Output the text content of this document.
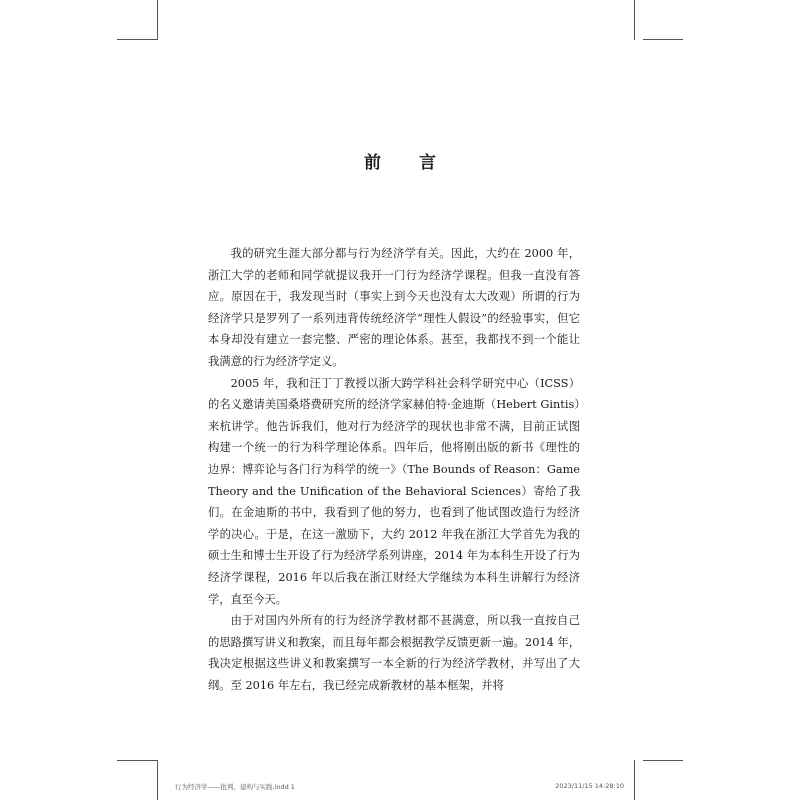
前 言

我的研究生涯大部分都与行为经济学有关。因此，大约在 2000 年，浙江大学的老师和同学就提议我开一门行为经济学课程。但我一直没有答应。原因在于，我发现当时（事实上到今天也没有太大改观）所谓的行为经济学只是罗列了一系列违背传统经济学“理性人假设”的经验事实，但它本身却没有建立一套完整、严密的理论体系。甚至，我都找不到一个能让我满意的行为经济学定义。

2005 年，我和汪丁丁教授以浙大跨学科社会科学研究中心（ICSS）的名义邀请美国桑塔费研究所的经济学家赫伯特·金迪斯（Hebert Gintis）来杭讲学。他告诉我们，他对行为经济学的现状也非常不满，目前正试图构建一个统一的行为科学理论体系。四年后，他将刚出版的新书《理性的边界：博弈论与各门行为科学的统一》（The Bounds of Reason：Game Theory and the Unification of the Behavioral Sciences）寄给了我们。在金迪斯的书中，我看到了他的努力，也看到了他试图改造行为经济学的决心。于是，在这一激励下，大约 2012 年我在浙江大学首先为我的硕士生和博士生开设了行为经济学系列讲座，2014 年为本科生开设了行为经济学课程，2016 年以后我在浙江财经大学继续为本科生讲解行为经济学，直至今天。

由于对国内外所有的行为经济学教材都不甚满意，所以我一直按自己的思路撰写讲义和教案，而且每年都会根据教学反馈更新一遍。2014 年，我决定根据这些讲义和教案撰写一本全新的行为经济学教材，并写出了大纲。至 2016 年左右，我已经完成新教材的基本框架，并将

行为经济学——批判、建构与实践.indd 1	2023/11/15 14:28:10
